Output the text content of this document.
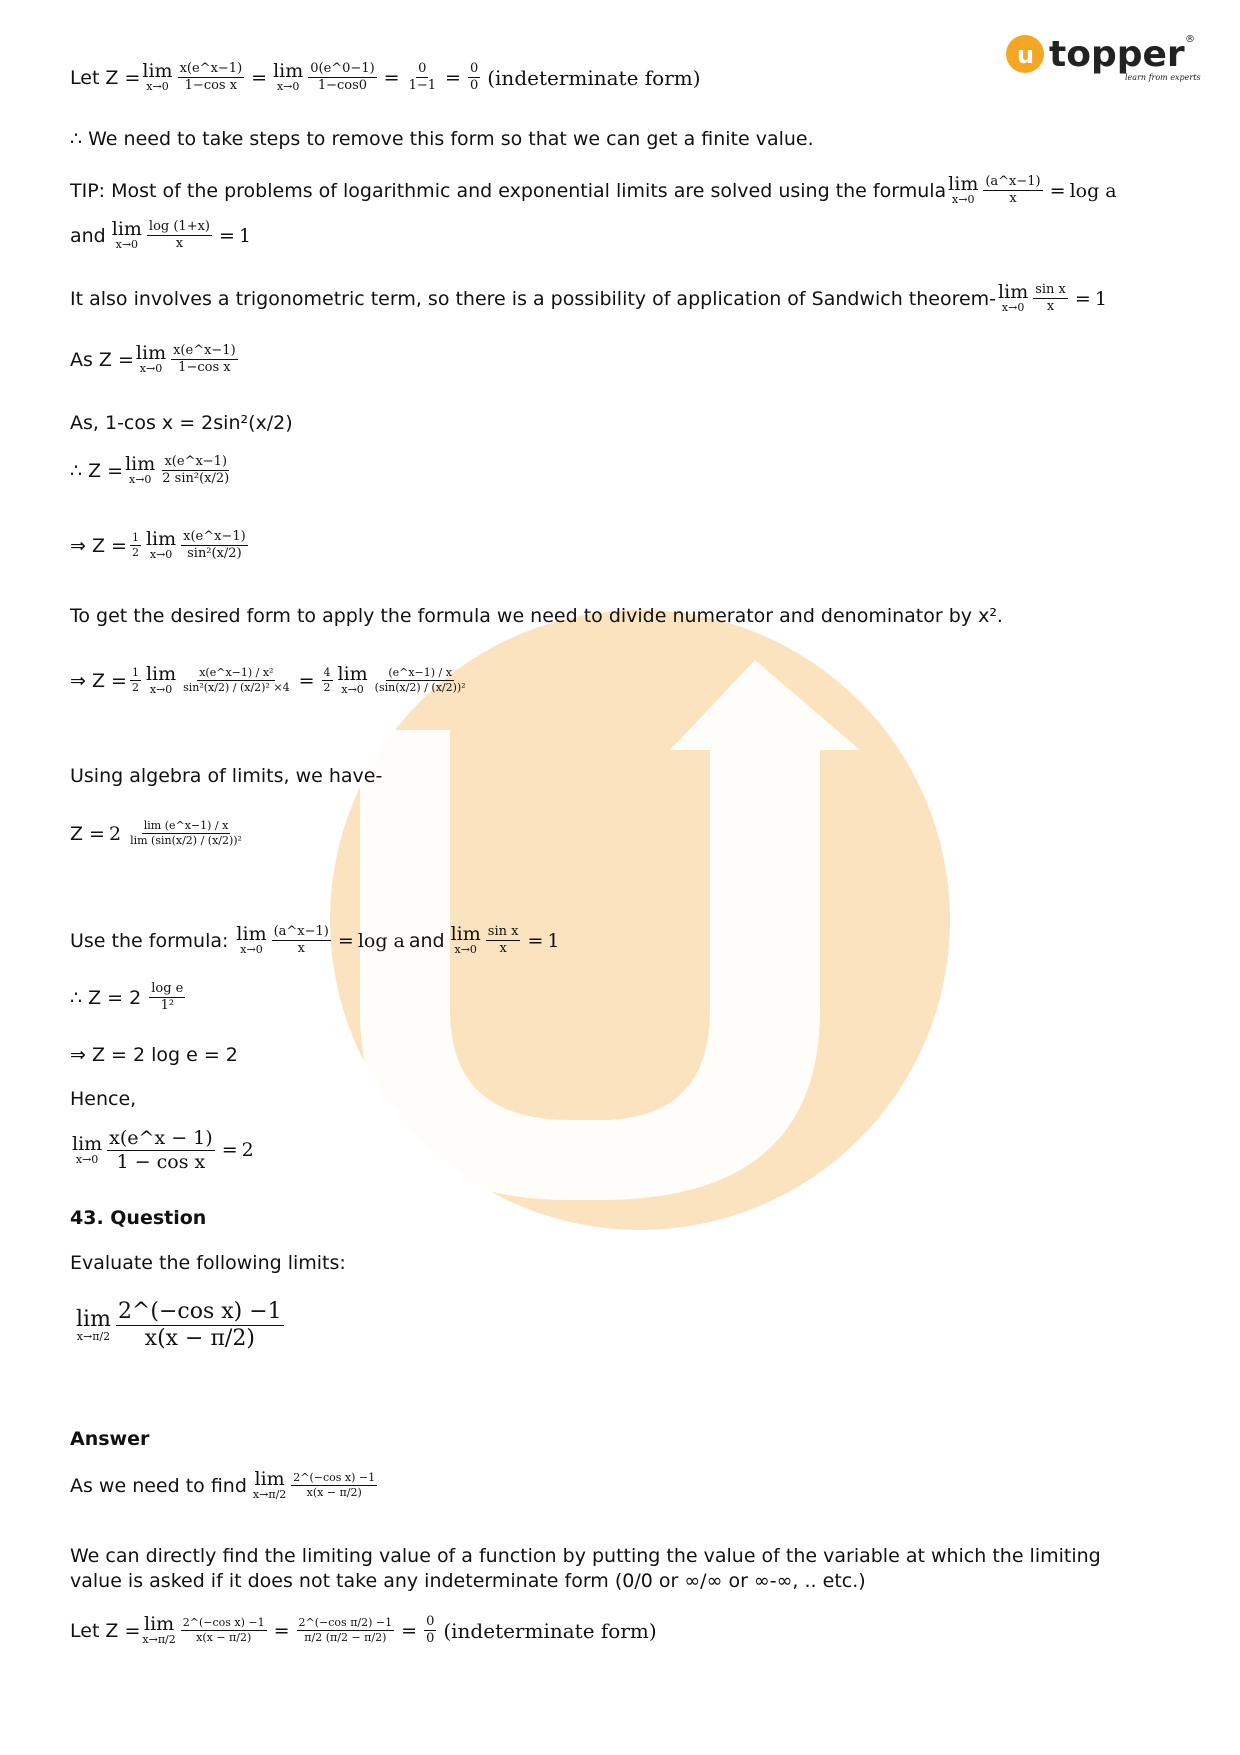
u topper ®
learn from experts
Let Z = lim
$x\to 0 \frac{x(e\^{}x-1)}{\text{1−cos x}} = \lim$
$x\to 0 \frac{0(e\^{}0-1)}{1-\cos 0} = \frac{0}{1-1} = \frac{0}{0}$ (indeterminate form)
∴ We need to take steps to remove this form so that we can get a finite value.
TIP: Most of the problems of logarithmic and exponential limits are solved using the formula lim
$x\to 0 \frac{(a\^{}x-1)}{x} = \log a$
and lim
$x\to 0 \frac{\log (1+x)}{x} = 1$
It also involves a trigonometric term, so there is a possibility of application of Sandwich theorem- lim
$x\to 0 \frac{\text{sin x}}{x} = 1$
As Z = lim
$x\to 0 \frac{x(e\^{}x-1)}{\text{1−cos x}}$
As, 1-cos x = 2sin²(x/2)
∴ Z = lim
$x\to 0 \frac{x(e\^{}x-1)}{\text{2 sin²(x/2)}}$
⇒ $Z = \frac{1}{2}$ lim
$x\to 0 \frac{x(e\^{}x-1)}{\text{sin²(x/2)}}$
To get the desired form to apply the formula we need to divide numerator and denominator by x².
⇒ $Z = \frac{1}{2}$ lim
$x\to 0 \frac{\text{x(e\textasciicircum{}x−1) / x²}}{\text{sin²(x/2) / (x/2)² ×4}} = \frac{4}{2}$ lim
$x\to 0 \frac{(e\^{}x-1) / x}{\text{(sin(x/2) / (x/2))²}}$
Using algebra of limits, we have-
$Z = 2 \frac{\lim (e\^{}x-1) / x}{\text{lim (sin(x/2) / (x/2))²}}$
Use the formula: lim
$x\to 0 \frac{(a\^{}x-1)}{x} = \log a$ and lim
$x\to 0 \frac{\text{sin x}}{x} = 1$
∴ $Z = 2 \frac{\text{log e}}{\text{1²}}$
⇒ Z = 2 log e = 2
Hence,
lim
$x\to 0 \frac{x(e\^{}x - 1)}{\text{1 − cos x}} = 2$
43. Question
Evaluate the following limits:
lim
$x\to\pi/2 \frac{\text{2\textasciicircum{}(−cos x) −1}}{x(x - \pi/2)}$
Answer
As we need to find lim
$x\to\pi/2 \frac{\text{2\textasciicircum{}(−cos x) −1}}{x(x - \pi/2)}$
We can directly find the limiting value of a function by putting the value of the variable at which the limiting
value is asked if it does not take any indeterminate form (0/0 or ∞/∞ or ∞-∞, .. etc.)
Let Z = lim
$x\to\pi/2 \frac{\text{2\textasciicircum{}(−cos x) −1}}{x(x - \pi/2)} = \frac{\text{2\textasciicircum{}(−cos π/2) −1}}{\pi/2 (\pi/2 - \pi/2)} = \frac{0}{0}$ (indeterminate form)
